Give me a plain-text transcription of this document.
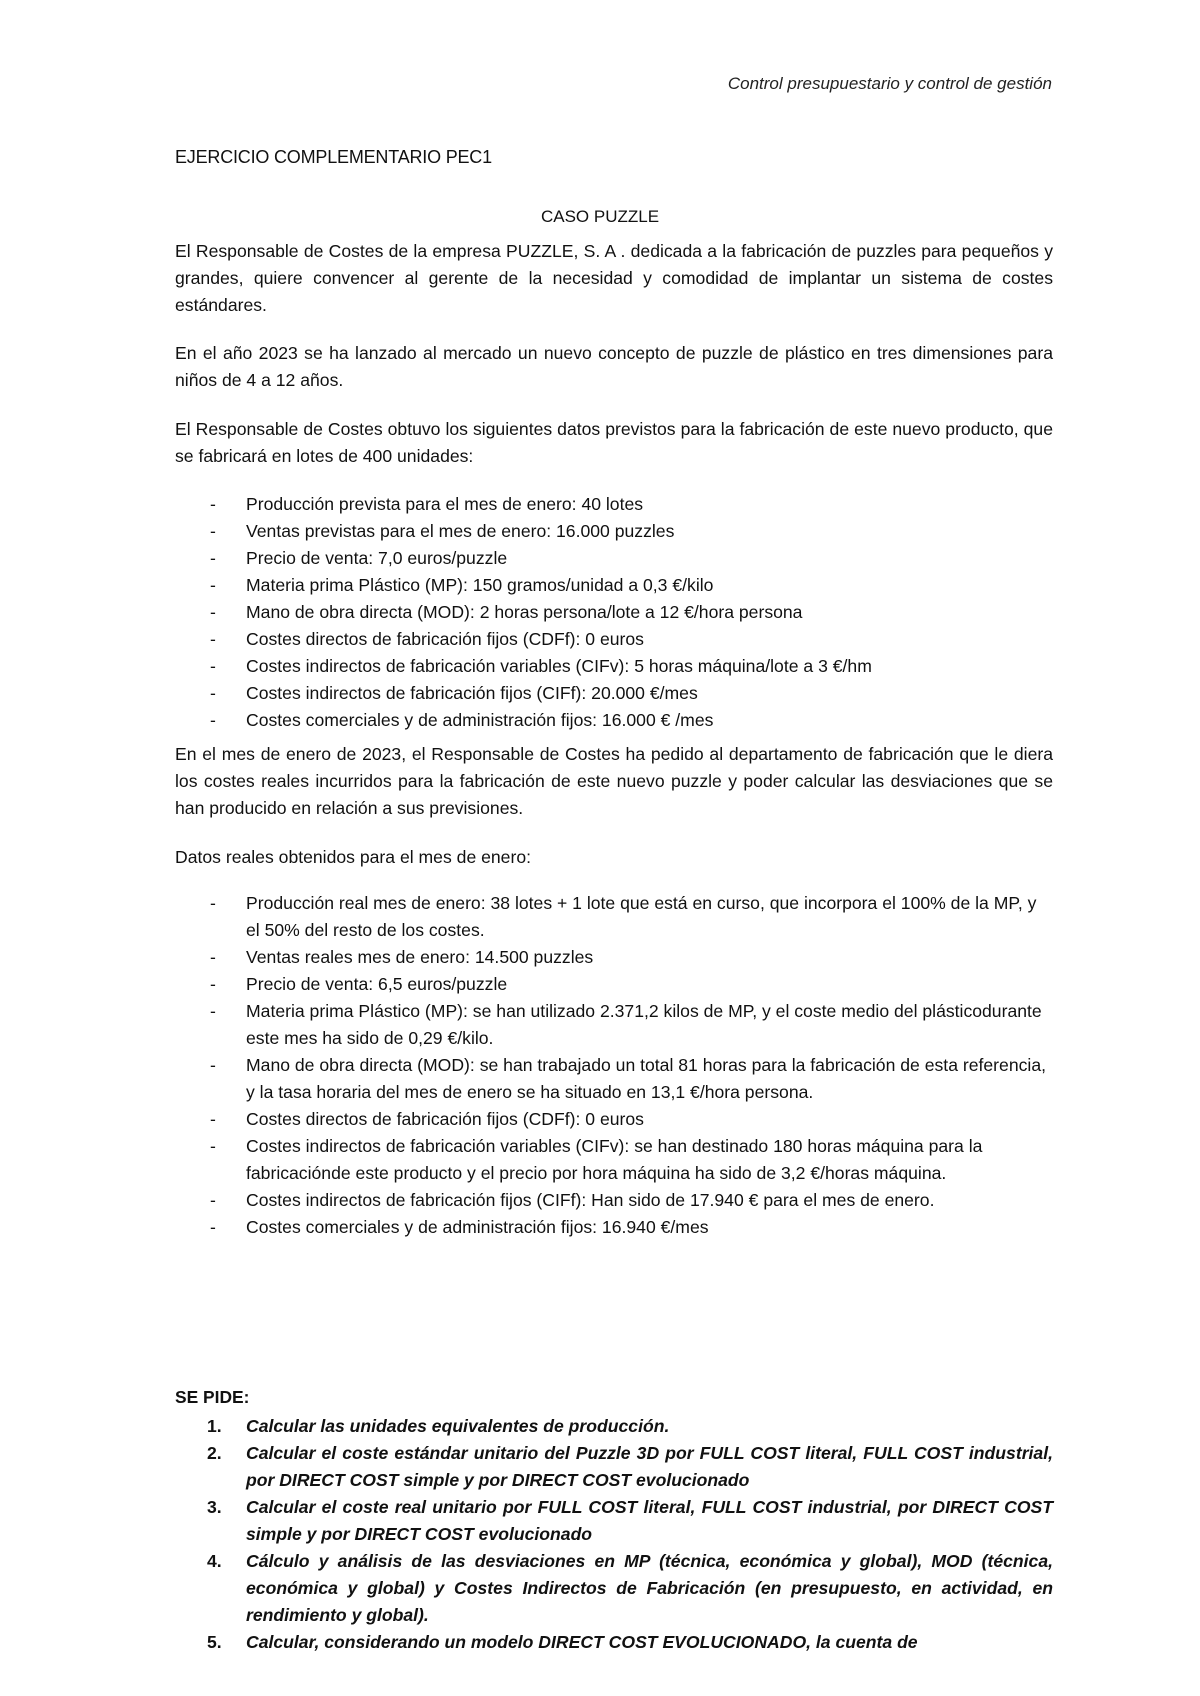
Control presupuestario y control de gestión
EJERCICIO COMPLEMENTARIO PEC1
CASO PUZZLE
El Responsable de Costes de la empresa PUZZLE, S. A . dedicada a la fabricación de puzzles para pequeños y grandes, quiere convencer al gerente de la necesidad y comodidad de implantar un sistema de costes estándares.
En el año 2023 se ha lanzado al mercado un nuevo concepto de puzzle de plástico en tres dimensiones para niños de 4 a 12 años.
El Responsable de Costes obtuvo los siguientes datos previstos para la fabricación de este nuevo producto, que se fabricará en lotes de 400 unidades:
- Producción prevista para el mes de enero: 40 lotes
- Ventas previstas para el mes de enero: 16.000 puzzles
- Precio de venta: 7,0 euros/puzzle
- Materia prima Plástico (MP): 150 gramos/unidad a 0,3 €/kilo
- Mano de obra directa (MOD): 2 horas persona/lote a 12 €/hora persona
- Costes directos de fabricación fijos (CDFf): 0 euros
- Costes indirectos de fabricación variables (CIFv): 5 horas máquina/lote a 3 €/hm
- Costes indirectos de fabricación fijos (CIFf): 20.000 €/mes
- Costes comerciales y de administración fijos: 16.000 € /mes
En el mes de enero de 2023, el Responsable de Costes ha pedido al departamento de fabricación que le diera los costes reales incurridos para la fabricación de este nuevo puzzle y poder calcular las desviaciones que se han producido en relación a sus previsiones.
Datos reales obtenidos para el mes de enero:
- Producción real mes de enero: 38 lotes + 1 lote que está en curso, que incorpora el 100% de la MP, y el 50% del resto de los costes.
- Ventas reales mes de enero: 14.500 puzzles
- Precio de venta: 6,5 euros/puzzle
- Materia prima Plástico (MP): se han utilizado 2.371,2 kilos de MP, y el coste medio del plásticodurante este mes ha sido de 0,29 €/kilo.
- Mano de obra directa (MOD): se han trabajado un total 81 horas para la fabricación de esta referencia, y la tasa horaria del mes de enero se ha situado en 13,1 €/hora persona.
- Costes directos de fabricación fijos (CDFf): 0 euros
- Costes indirectos de fabricación variables (CIFv): se han destinado 180 horas máquina para la fabricaciónde este producto y el precio por hora máquina ha sido de 3,2 €/horas máquina.
- Costes indirectos de fabricación fijos (CIFf): Han sido de 17.940 € para el mes de enero.
- Costes comerciales y de administración fijos: 16.940 €/mes
SE PIDE:
1. Calcular las unidades equivalentes de producción.
2. Calcular el coste estándar unitario del Puzzle 3D por FULL COST literal, FULL COST industrial, por DIRECT COST simple y por DIRECT COST evolucionado
3. Calcular el coste real unitario por FULL COST literal, FULL COST industrial, por DIRECT COST simple y por DIRECT COST evolucionado
4. Cálculo y análisis de las desviaciones en MP (técnica, económica y global), MOD (técnica, económica y global) y Costes Indirectos de Fabricación (en presupuesto, en actividad, en rendimiento y global).
5. Calcular, considerando un modelo DIRECT COST EVOLUCIONADO, la cuenta de
